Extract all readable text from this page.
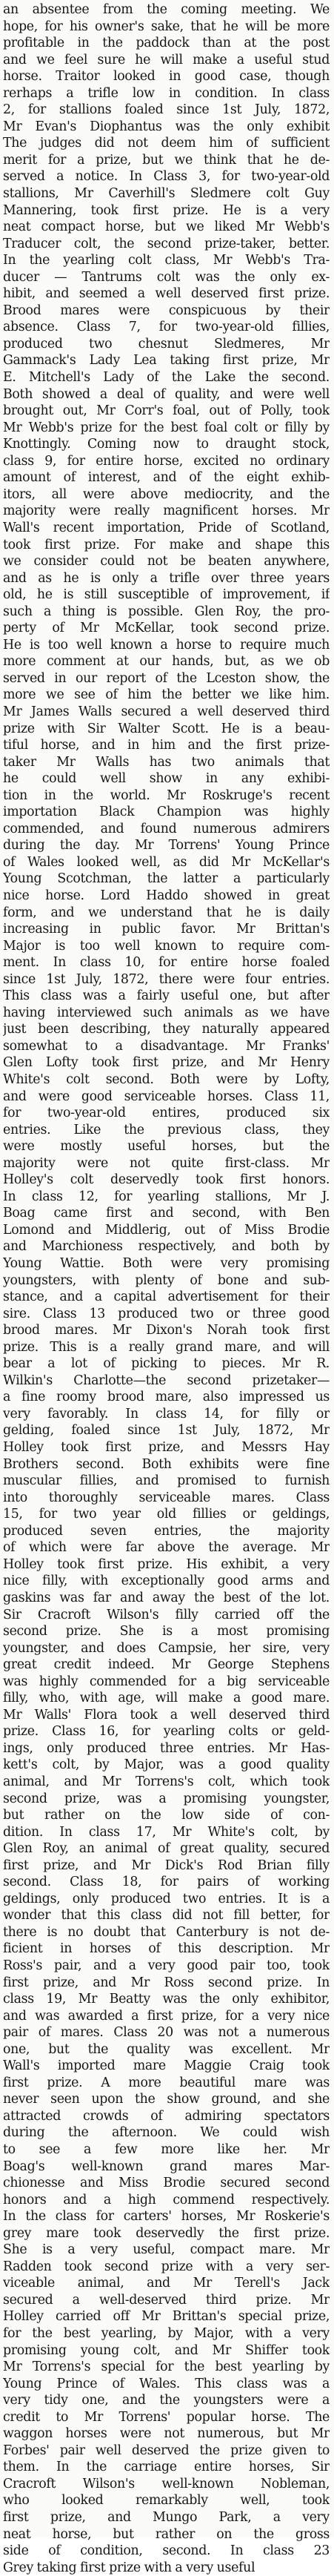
an absentee from the coming meeting. We
hope, for his owner's sake, that he will be more
profitable in the paddock than at the post
and we feel sure he will make a useful stud
horse. Traitor looked in good case, though
rerhaps a trifle low in condition. In class
2, for stallions foaled since 1st July, 1872,
Mr Evan's Diophantus was the only exhibit
The judges did not deem him of sufficient
merit for a prize, but we think that he de-
served a notice. In Class 3, for two-year-old
stallions, Mr Caverhill's Sledmere colt Guy
Mannering, took first prize. He is a very
neat compact horse, but we liked Mr Webb's
Traducer colt, the second prize-taker, better.
In the yearling colt class, Mr Webb's Tra-
ducer — Tantrums colt was the only ex-
hibit, and seemed a well deserved first prize.
Brood mares were conspicuous by their
absence. Class 7, for two-year-old fillies,
produced two chesnut Sledmeres, Mr
Gammack's Lady Lea taking first prize, Mr
E. Mitchell's Lady of the Lake the second.
Both showed a deal of quality, and were well
brought out, Mr Corr's foal, out of Polly, took
Mr Webb's prize for the best foal colt or filly by
Knottingly. Coming now to draught stock,
class 9, for entire horse, excited no ordinary
amount of interest, and of the eight exhib-
itors, all were above mediocrity, and the
majority were really magnificent horses. Mr
Wall's recent importation, Pride of Scotland,
took first prize. For make and shape this
we consider could not be beaten anywhere,
and as he is only a trifle over three years
old, he is still susceptible of improvement, if
such a thing is possible. Glen Roy, the pro-
perty of Mr McKellar, took second prize.
He is too well known a horse to require much
more comment at our hands, but, as we ob
served in our report of the Lceston show, the
more we see of him the better we like him.
Mr James Walls secured a well deserved third
prize with Sir Walter Scott. He is a beau-
tiful horse, and in him and the first prize-
taker Mr Walls has two animals that
he could well show in any exhibi-
tion in the world. Mr Roskruge's recent
importation Black Champion was highly
commended, and found numerous admirers
during the day. Mr Torrens' Young Prince
of Wales looked well, as did Mr McKellar's
Young Scotchman, the latter a particularly
nice horse. Lord Haddo showed in great
form, and we understand that he is daily
increasing in public favor. Mr Brittan's
Major is too well known to require com-
ment. In class 10, for entire horse foaled
since 1st July, 1872, there were four entries.
This class was a fairly useful one, but after
having interviewed such animals as we have
just been describing, they naturally appeared
somewhat to a disadvantage. Mr Franks'
Glen Lofty took first prize, and Mr Henry
White's colt second. Both were by Lofty,
and were good serviceable horses. Class 11,
for two-year-old entires, produced six
entries. Like the previous class, they
were mostly useful horses, but the
majority were not quite first-class. Mr
Holley's colt deservedly took first honors.
In class 12, for yearling stallions, Mr J.
Boag came first and second, with Ben
Lomond and Middlerig, out of Miss Brodie
and Marchioness respectively, and both by
Young Wattie. Both were very promising
youngsters, with plenty of bone and sub-
stance, and a capital advertisement for their
sire. Class 13 produced two or three good
brood mares. Mr Dixon's Norah took first
prize. This is a really grand mare, and will
bear a lot of picking to pieces. Mr R.
Wilkin's Charlotte—the second prizetaker—
a fine roomy brood mare, also impressed us
very favorably. In class 14, for filly or
gelding, foaled since 1st July, 1872, Mr
Holley took first prize, and Messrs Hay
Brothers second. Both exhibits were fine
muscular fillies, and promised to furnish
into thoroughly serviceable mares. Class
15, for two year old fillies or geldings,
produced seven entries, the majority
of which were far above the average. Mr
Holley took first prize. His exhibit, a very
nice filly, with exceptionally good arms and
gaskins was far and away the best of the lot.
Sir Cracroft Wilson's filly carried off the
second prize. She is a most promising
youngster, and does Campsie, her sire, very
great credit indeed. Mr George Stephens
was highly commended for a big serviceable
filly, who, with age, will make a good mare.
Mr Walls' Flora took a well deserved third
prize. Class 16, for yearling colts or geld-
ings, only produced three entries. Mr Has-
kett's colt, by Major, was a good quality
animal, and Mr Torrens's colt, which took
second prize, was a promising youngster,
but rather on the low side of con-
dition. In class 17, Mr White's colt, by
Glen Roy, an animal of great quality, secured
first prize, and Mr Dick's Rod Brian filly
second. Class 18, for pairs of working
geldings, only produced two entries. It is a
wonder that this class did not fill better, for
there is no doubt that Canterbury is not de-
ficient in horses of this description. Mr
Ross's pair, and a very good pair too, took
first prize, and Mr Ross second prize. In
class 19, Mr Beatty was the only exhibitor,
and was awarded a first prize, for a very nice
pair of mares. Class 20 was not a numerous
one, but the quality was excellent. Mr
Wall's imported mare Maggie Craig took
first prize. A more beautiful mare was
never seen upon the show ground, and she
attracted crowds of admiring spectators
during the afternoon. We could wish
to see a few more like her. Mr
Boag's well-known grand mares Mar-
chionesse and Miss Brodie secured second
honors and a high commend respectively.
In the class for carters' horses, Mr Roskerie's
grey mare took deservedly the first prize.
She is a very useful, compact mare. Mr
Radden took second prize with a very ser-
viceable animal, and Mr Terell's Jack
secured a well-deserved third prize. Mr
Holley carried off Mr Brittan's special prize,
for the best yearling, by Major, with a very
promising young colt, and Mr Shiffer took
Mr Torrens's special for the best yearling by
Young Prince of Wales. This class was a
very tidy one, and the youngsters were a
credit to Mr Torrens' popular horse. The
waggon horses were not numerous, but Mr
Forbes' pair well deserved the prize given to
them. In the carriage entire horses, Sir
Cracroft Wilson's well-known Nobleman,
who looked remarkably well, took
first prize, and Mungo Park, a very
neat horse, but rather on the gross
side of condition, second. In class 23
Grey taking first prize with a very useful
